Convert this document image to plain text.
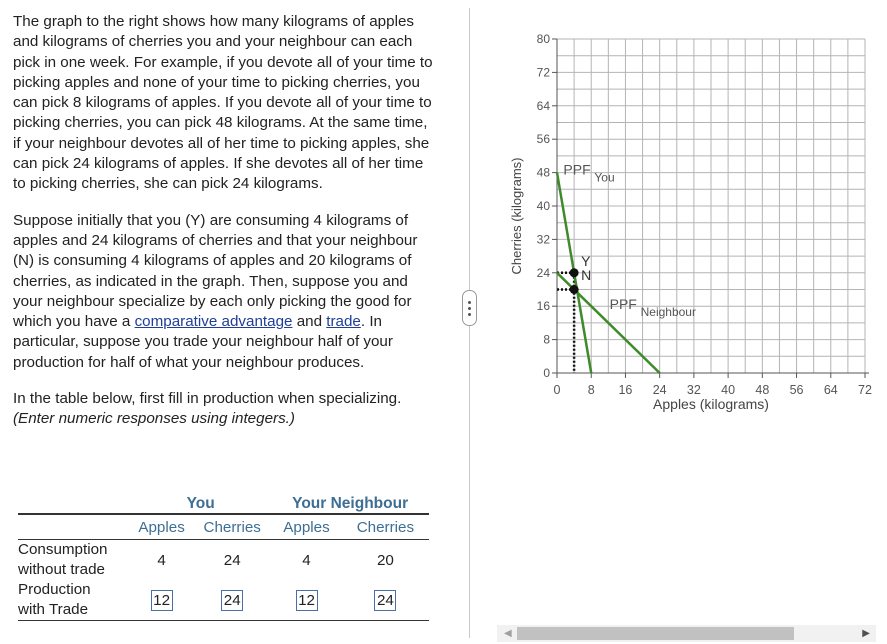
The graph to the right shows how many kilograms of apples and kilograms of cherries you and your neighbour can each pick in one week. For example, if you devote all of your time to picking apples and none of your time to picking cherries, you can pick 8 kilograms of apples. If you devote all of your time to picking cherries, you can pick 48 kilograms. At the same time, if your neighbour devotes all of her time to picking apples, she can pick 24 kilograms of apples. If she devotes all of her time to picking cherries, she can pick 24 kilograms.

Suppose initially that you (Y) are consuming 4 kilograms of apples and 24 kilograms of cherries and that your neighbour (N) is consuming 4 kilograms of apples and 20 kilograms of cherries, as indicated in the graph. Then, suppose you and your neighbour specialize by each only picking the good for which you have a comparative advantage and trade. In particular, suppose you trade your neighbour half of your production for half of what your neighbour produces.

In the table below, first fill in production when specializing.
(Enter numeric responses using integers.)

	You		Your Neighbour	
	Apples	Cherries	Apples	Cherries
Consumption
without trade	4	24	4	20
Production
with Trade	12	24	12	24
0 8 16 24 32 40 48 56 64 72
0
8
16
24
32
40
48
56
64
72
80
Apples (kilograms)
Cherries (kilograms)	PPF You
PPF Neighbour
Y
N
◀	▶
